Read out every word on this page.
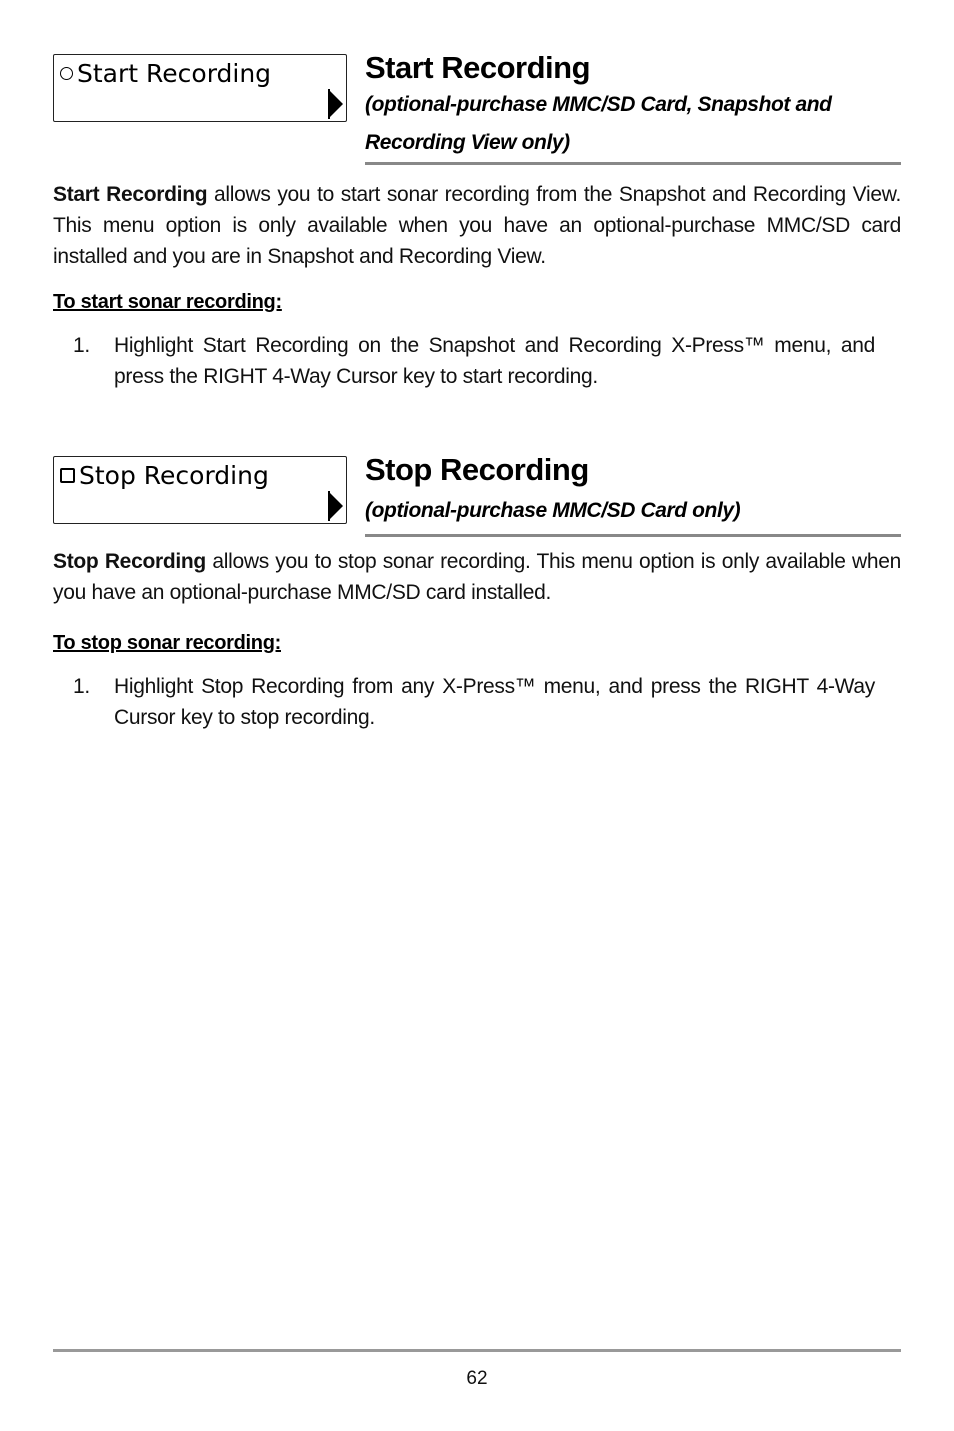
Start Recording	Start Recording
(optional-purchase MMC/SD Card, Snapshot and
Recording View only)
Start Recording allows you to start sonar recording from the Snapshot and Recording View. This menu option is only available when you have an optional-purchase MMC/SD card installed and you are in Snapshot and Recording View.
To start sonar recording:
1. Highlight Start Recording on the Snapshot and Recording X-Press™ menu, and press the RIGHT 4-Way Cursor key to start recording.
Stop Recording	Stop Recording
(optional-purchase MMC/SD Card only)
Stop Recording allows you to stop sonar recording. This menu option is only available when you have an optional-purchase MMC/SD card installed.
To stop sonar recording:
1. Highlight Stop Recording from any X-Press™ menu, and press the RIGHT 4-Way Cursor key to stop recording.
62
